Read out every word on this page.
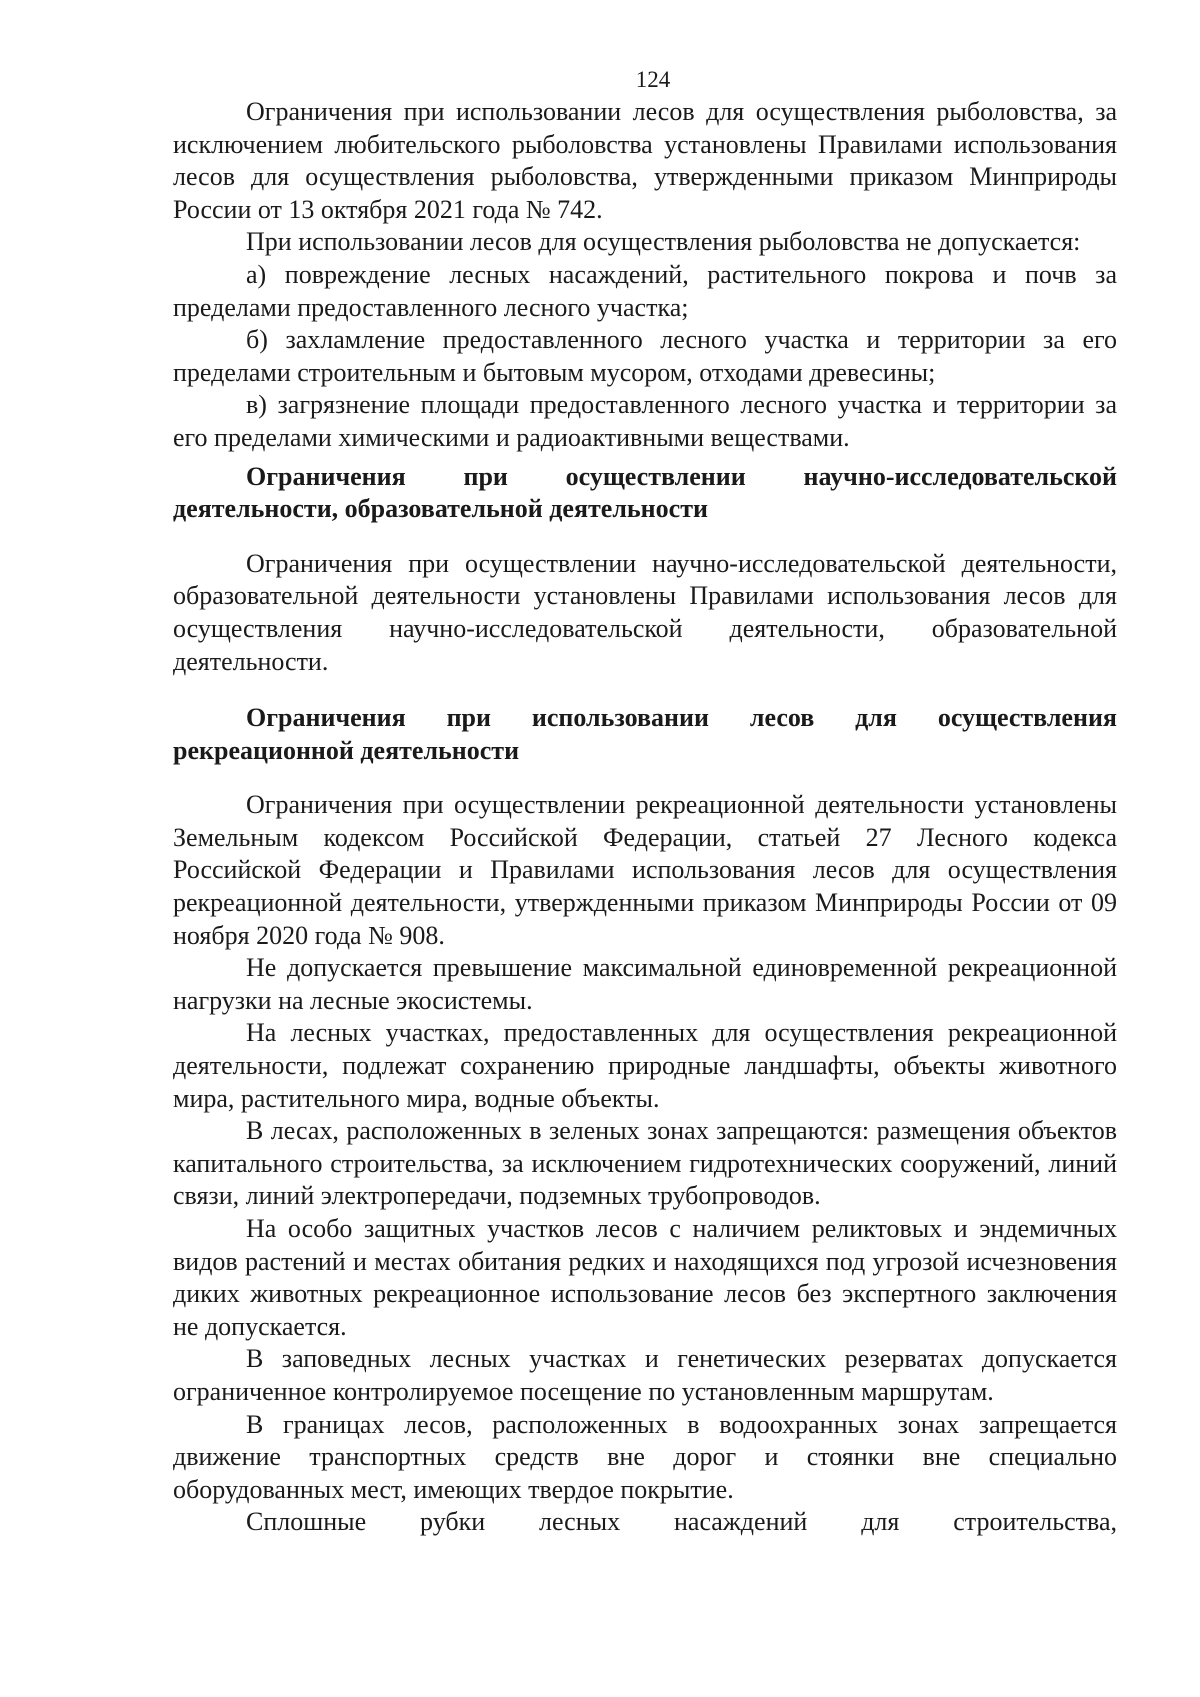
124

Ограничения при использовании лесов для осуществления рыболовства, за исключением любительского рыболовства установлены Правилами использования лесов для осуществления рыболовства, утвержденными приказом Минприроды России от 13 октября 2021 года № 742.

При использовании лесов для осуществления рыболовства не допускается:

а) повреждение лесных насаждений, растительного покрова и почв за пределами предоставленного лесного участка;

б) захламление предоставленного лесного участка и территории за его пределами строительным и бытовым мусором, отходами древесины;

в) загрязнение площади предоставленного лесного участка и территории за его пределами химическими и радиоактивными веществами.

Ограничения при осуществлении научно-исследовательской деятельности, образовательной деятельности

Ограничения при осуществлении научно-исследовательской деятельности, образовательной деятельности установлены Правилами использования лесов для осуществления научно-исследовательской деятельности, образовательной деятельности.

Ограничения при использовании лесов для осуществления рекреационной деятельности

Ограничения при осуществлении рекреационной деятельности установлены Земельным кодексом Российской Федерации, статьей 27 Лесного кодекса Российской Федерации и Правилами использования лесов для осуществления рекреационной деятельности, утвержденными приказом Минприроды России от 09 ноября 2020 года № 908.

Не допускается превышение максимальной единовременной рекреационной нагрузки на лесные экосистемы.

На лесных участках, предоставленных для осуществления рекреационной деятельности, подлежат сохранению природные ландшафты, объекты животного мира, растительного мира, водные объекты.

В лесах, расположенных в зеленых зонах запрещаются: размещения объектов капитального строительства, за исключением гидротехнических сооружений, линий связи, линий электропередачи, подземных трубопроводов.

На особо защитных участков лесов с наличием реликтовых и эндемичных видов растений и местах обитания редких и находящихся под угрозой исчезновения диких животных рекреационное использование лесов без экспертного заключения не допускается.

В заповедных лесных участках и генетических резерватах допускается ограниченное контролируемое посещение по установленным маршрутам.

В границах лесов, расположенных в водоохранных зонах запрещается движение транспортных средств вне дорог и стоянки вне специально оборудованных мест, имеющих твердое покрытие.

Сплошные рубки лесных насаждений для строительства,
